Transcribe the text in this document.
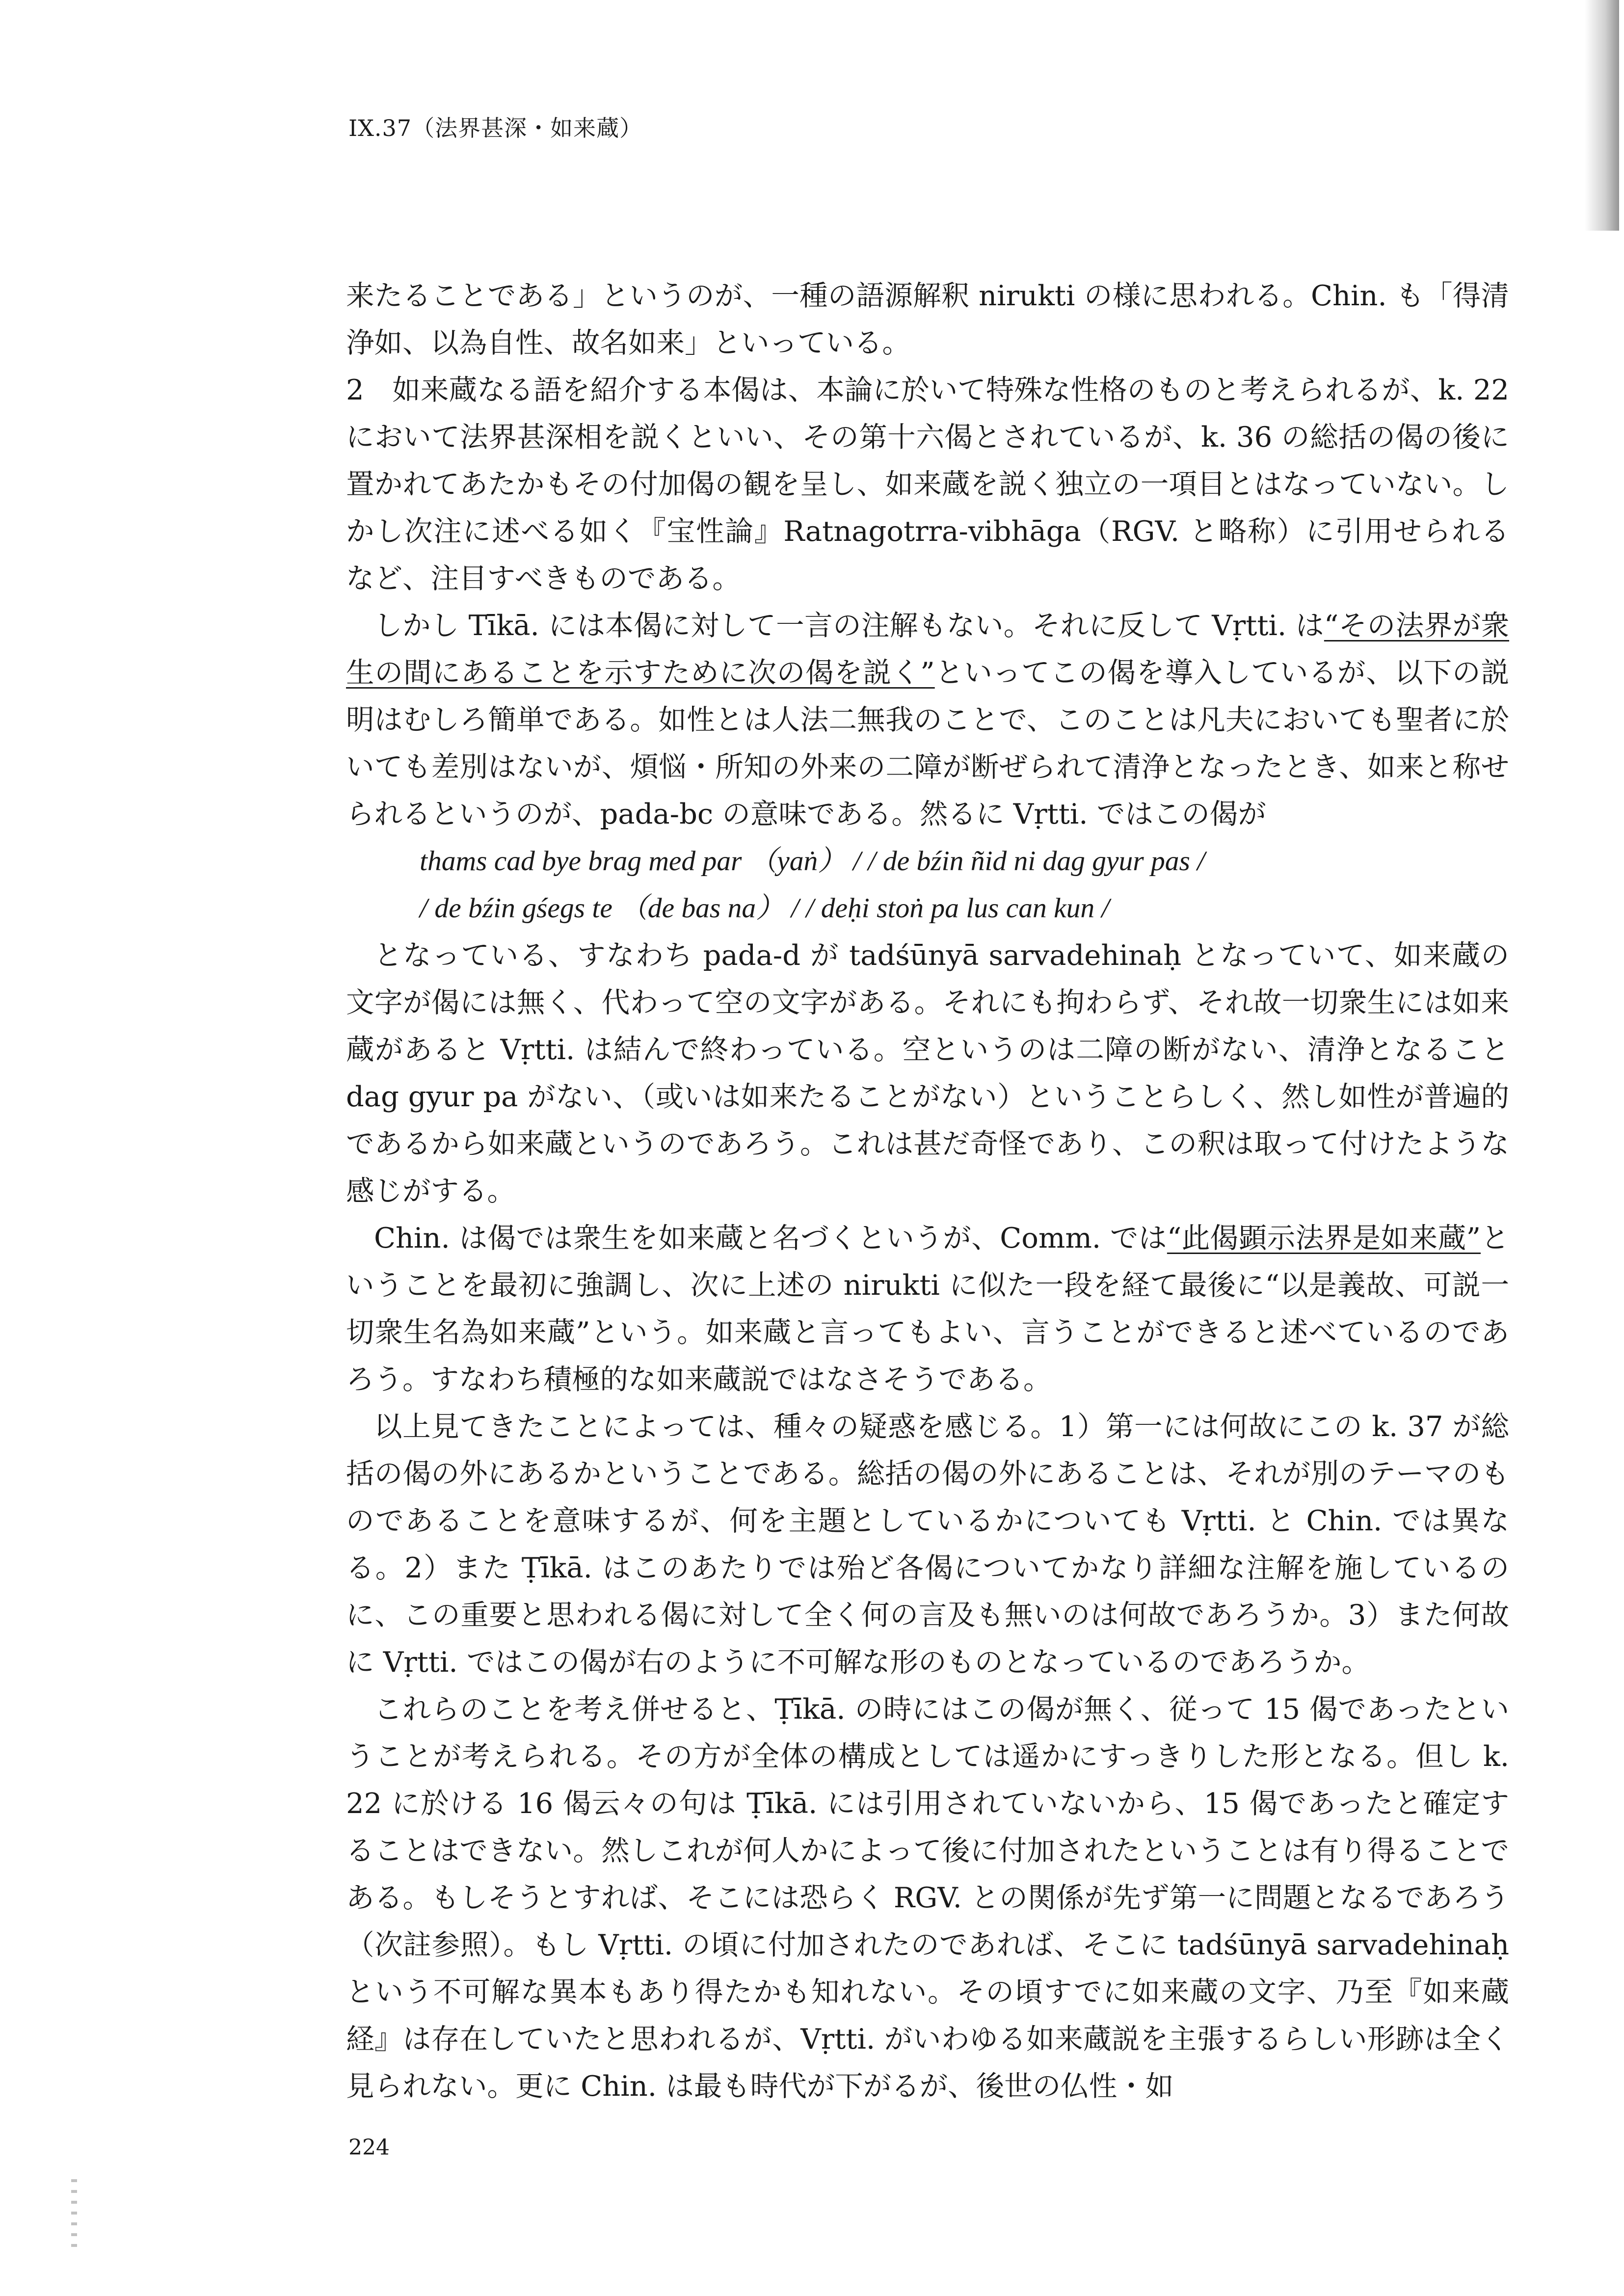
IX.37（法界甚深・如来蔵）

来たることである」というのが、一種の語源解釈 nirukti の様に思われる。Chin. も「得清浄如、以為自性、故名如来」といっている。

2　如来蔵なる語を紹介する本偈は、本論に於いて特殊な性格のものと考えられるが、k. 22 において法界甚深相を説くといい、その第十六偈とされているが、k. 36 の総括の偈の後に置かれてあたかもその付加偈の観を呈し、如来蔵を説く独立の一項目とはなっていない。しかし次注に述べる如く『宝性論』Ratnagotrra-vibhāga（RGV. と略称）に引用せられるなど、注目すべきものである。

しかし Tīkā. には本偈に対して一言の注解もない。それに反して Vṛtti. は“その法界が衆生の間にあることを示すために次の偈を説く”といってこの偈を導入しているが、以下の説明はむしろ簡単である。如性とは人法二無我のことで、このことは凡夫においても聖者に於いても差別はないが、煩悩・所知の外来の二障が断ぜられて清浄となったとき、如来と称せられるというのが、pada-bc の意味である。然るに Vṛtti. ではこの偈が

thams cad bye brag med par （yaṅ） / / de bźin ñid ni dag gyur pas /

/ de bźin gśegs te （de bas na） / / deḥi stoṅ pa lus can kun /

となっている、すなわち pada-d が tadśūnyā sarvadehinaḥ となっていて、如来蔵の文字が偈には無く、代わって空の文字がある。それにも拘わらず、それ故一切衆生には如来蔵があると Vṛtti. は結んで終わっている。空というのは二障の断がない、清浄となること dag gyur pa がない、（或いは如来たることがない）ということらしく、然し如性が普遍的であるから如来蔵というのであろう。これは甚だ奇怪であり、この釈は取って付けたような感じがする。

Chin. は偈では衆生を如来蔵と名づくというが、Comm. では“此偈顕示法界是如来蔵”ということを最初に強調し、次に上述の nirukti に似た一段を経て最後に“以是義故、可説一切衆生名為如来蔵”という。如来蔵と言ってもよい、言うことができると述べているのであろう。すなわち積極的な如来蔵説ではなさそうである。

以上見てきたことによっては、種々の疑惑を感じる。1）第一には何故にこの k. 37 が総括の偈の外にあるかということである。総括の偈の外にあることは、それが別のテーマのものであることを意味するが、何を主題としているかについても Vṛtti. と Chin. では異なる。2）また Ṭīkā. はこのあたりでは殆ど各偈についてかなり詳細な注解を施しているのに、この重要と思われる偈に対して全く何の言及も無いのは何故であろうか。3）また何故に Vṛtti. ではこの偈が右のように不可解な形のものとなっているのであろうか。

これらのことを考え併せると、Ṭīkā. の時にはこの偈が無く、従って 15 偈であったということが考えられる。その方が全体の構成としては遥かにすっきりした形となる。但し k. 22 に於ける 16 偈云々の句は Ṭīkā. には引用されていないから、15 偈であったと確定することはできない。然しこれが何人かによって後に付加されたということは有り得ることである。もしそうとすれば、そこには恐らく RGV. との関係が先ず第一に問題となるであろう（次註参照）。もし Vṛtti. の頃に付加されたのであれば、そこに tadśūnyā sarvadehinaḥ という不可解な異本もあり得たかも知れない。その頃すでに如来蔵の文字、乃至『如来蔵経』は存在していたと思われるが、Vṛtti. がいわゆる如来蔵説を主張するらしい形跡は全く見られない。更に Chin. は最も時代が下がるが、後世の仏性・如

224
